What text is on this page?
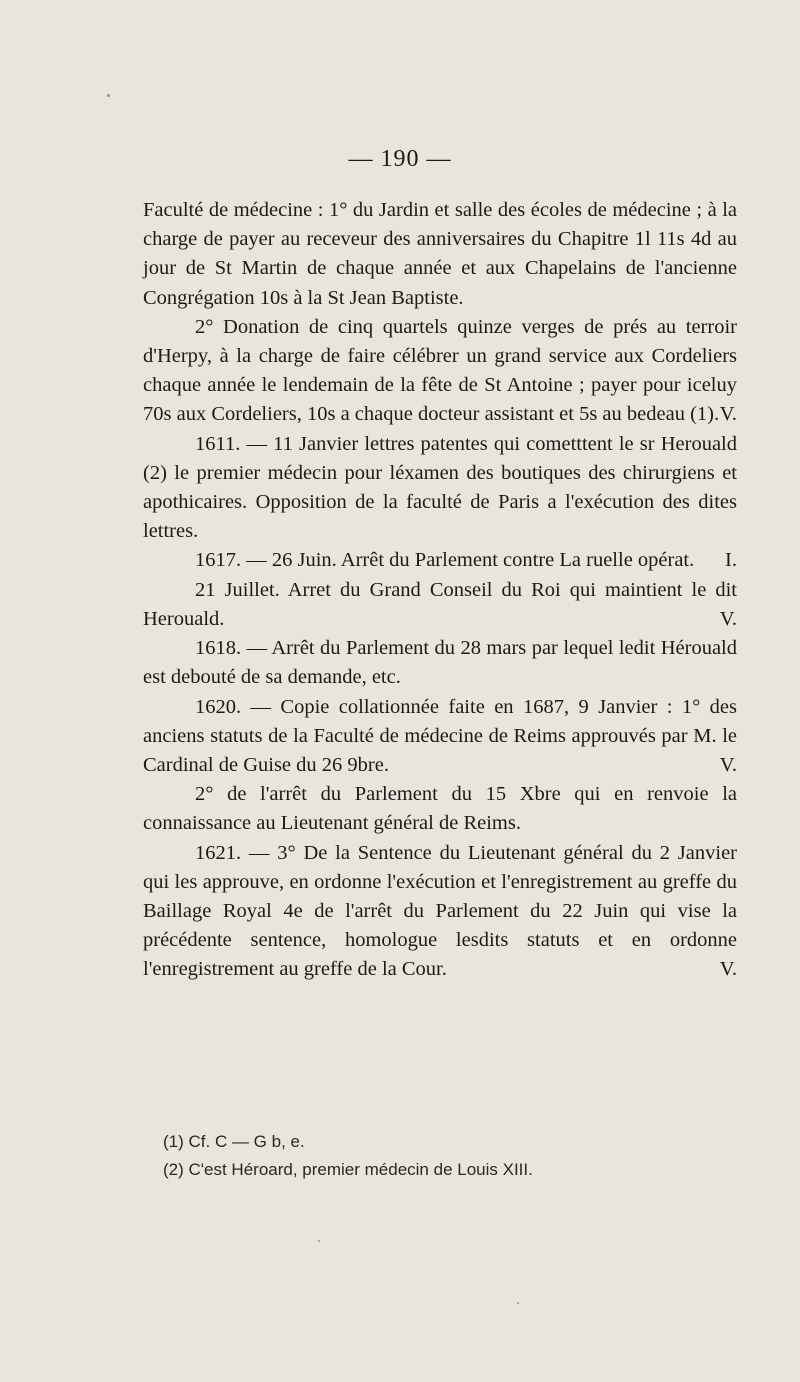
— 190 —

Faculté de médecine : 1° du Jardin et salle des écoles de médecine ; à la charge de payer au receveur des anniversaires du Chapitre 1l 11s 4d au jour de St Martin de chaque année et aux Chapelains de l'ancienne Congrégation 10s à la St Jean Baptiste.

2° Donation de cinq quartels quinze verges de prés au terroir d'Herpy, à la charge de faire célébrer un grand service aux Cordeliers chaque année le lendemain de la fête de St Antoine ; payer pour iceluy 70s aux Cordeliers, 10s a chaque docteur assistant et 5s au bedeau (1). V.

1611. — 11 Janvier lettres patentes qui cometttent le sr Herouald (2) le premier médecin pour léxamen des boutiques des chirurgiens et apothicaires. Opposition de la faculté de Paris a l'exécution des dites lettres.

1617. — 26 Juin. Arrêt du Parlement contre La ruelle opérat.	I.

21 Juillet. Arret du Grand Conseil du Roi qui maintient le dit Herouald.	V.

1618. — Arrêt du Parlement du 28 mars par lequel ledit Hérouald est debouté de sa demande, etc.

1620. — Copie collationnée faite en 1687, 9 Janvier : 1° des anciens statuts de la Faculté de médecine de Reims approuvés par M. le Cardinal de Guise du 26 9bre.	V.

2° de l'arrêt du Parlement du 15 Xbre qui en renvoie la connaissance au Lieutenant général de Reims.

1621. — 3° De la Sentence du Lieutenant général du 2 Janvier qui les approuve, en ordonne l'exécution et l'enregistrement au greffe du Baillage Royal 4e de l'arrêt du Parlement du 22 Juin qui vise la précédente sentence, homologue lesdits statuts et en ordonne l'enregistrement au greffe de la Cour.	V.

(1) Cf. C — G b, e.

(2) C'est Héroard, premier médecin de Louis XIII.
